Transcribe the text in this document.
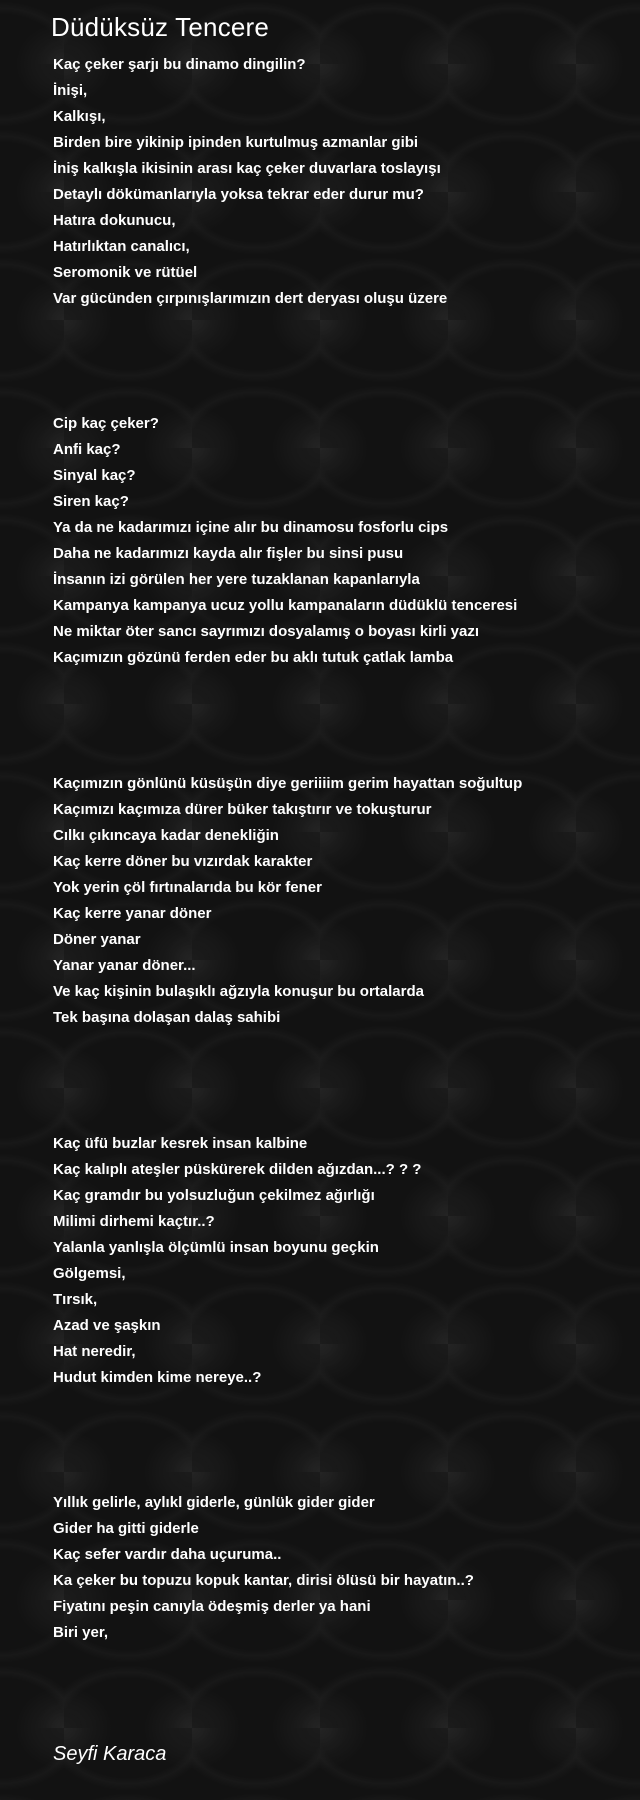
Düdüksüz Tencere
Kaç çeker şarjı bu dinamo dingilin?
İnişi,
Kalkışı,
Birden bire yikinip ipinden kurtulmuş azmanlar gibi
İniş kalkışla ikisinin arası kaç çeker duvarlara toslayışı
Detaylı dökümanlarıyla yoksa tekrar eder durur mu?
Hatıra dokunucu,
Hatırlıktan canalıcı,
Seromonik ve rütüel
Var gücünden çırpınışlarımızın dert deryası oluşu üzere
Cip kaç çeker?
Anfi kaç?
Sinyal kaç?
Siren kaç?
Ya da ne kadarımızı içine alır bu dinamosu fosforlu cips
Daha ne kadarımızı kayda alır fişler bu sinsi pusu
İnsanın izi görülen her yere tuzaklanan kapanlarıyla
Kampanya kampanya ucuz yollu kampanaların düdüklü tenceresi
Ne miktar öter sancı sayrımızı dosyalamış o boyası kirli yazı
Kaçımızın gözünü ferden eder bu aklı tutuk çatlak lamba
Kaçımızın gönlünü küsüşün diye geriiiim gerim hayattan soğultup
Kaçımızı kaçımıza dürer büker takıştırır ve tokuşturur
Cılkı çıkıncaya kadar denekliğin
Kaç kerre döner bu vızırdak karakter
Yok yerin çöl fırtınalarıda bu kör fener
Kaç kerre yanar döner
Döner yanar
Yanar yanar döner...
Ve kaç kişinin bulaşıklı ağzıyla konuşur bu ortalarda
Tek başına dolaşan dalaş sahibi
Kaç üfü buzlar kesrek insan kalbine
Kaç kalıplı ateşler püskürerek dilden ağızdan...? ? ?
Kaç gramdır bu yolsuzluğun çekilmez ağırlığı
Milimi dirhemi kaçtır..?
Yalanla yanlışla ölçümlü insan boyunu geçkin
Gölgemsi,
Tırsık,
Azad ve şaşkın
Hat neredir,
Hudut kimden kime nereye..?
Yıllık gelirle, aylıkl giderle, günlük gider gider
Gider ha gitti giderle
Kaç sefer vardır daha uçuruma..
Ka çeker bu topuzu kopuk kantar, dirisi ölüsü bir hayatın..?
Fiyatını peşin canıyla ödeşmiş derler ya hani
Biri yer,
Seyfi Karaca
